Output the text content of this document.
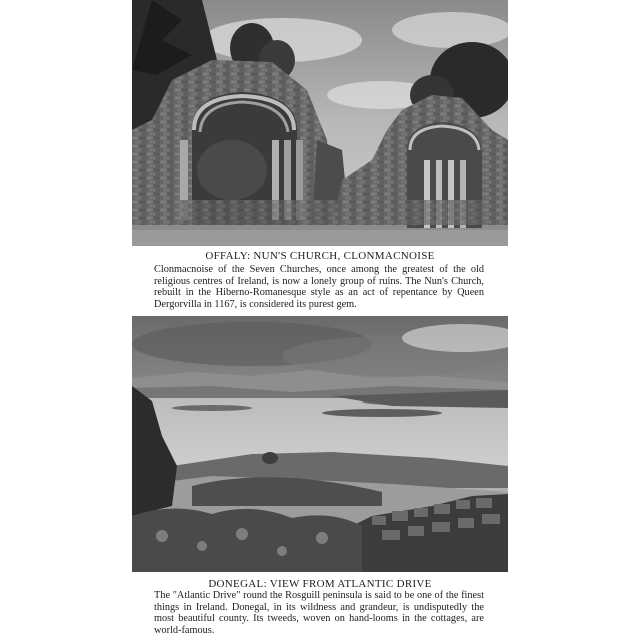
OFFALY: NUN'S CHURCH, CLONMACNOISE
Clonmacnoise of the Seven Churches, once among the greatest of the old religious centres of Ireland, is now a lonely group of ruins. The Nun's Church, rebuilt in the Hiberno-Romanesque style as an act of repentance by Queen Dergorvilla in 1167, is considered its purest gem.
DONEGAL: VIEW FROM ATLANTIC DRIVE
The "Atlantic Drive" round the Rosguill peninsula is said to be one of the finest things in Ireland. Donegal, in its wildness and grandeur, is undisputedly the most beautiful county. Its tweeds, woven on hand-looms in the cottages, are world-famous.
